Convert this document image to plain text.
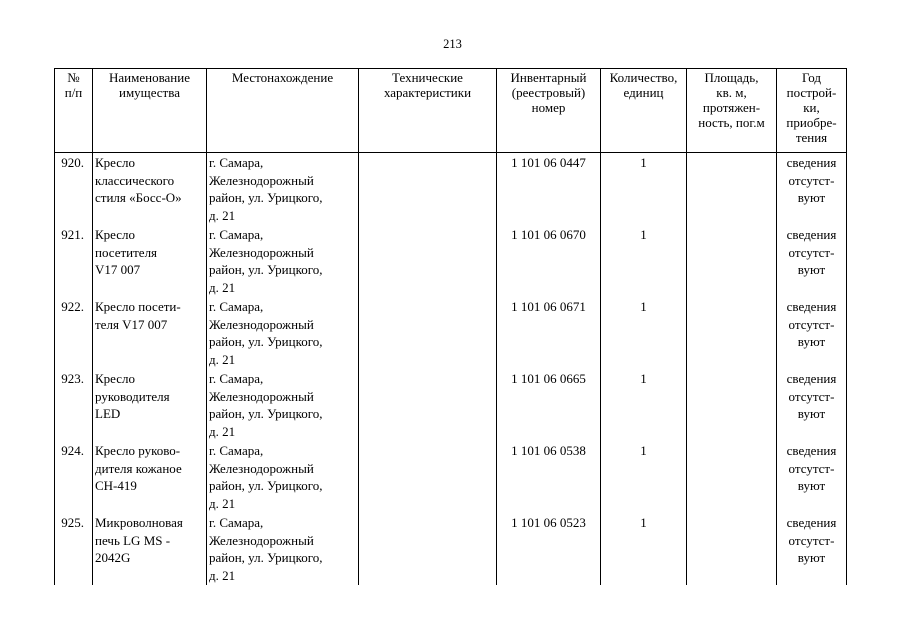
213
№
п/п	Наименование
имущества	Местонахождение	Технические
характеристики	Инвентарный
(реестровый)
номер	Количество,
единиц	Площадь,
кв. м,
протяжен-
ность, пог.м	Год
построй-
ки,
приобре-
тения
920.	Кресло
классического
стиля «Босс-О»	г. Самара,
Железнодорожный
район, ул. Урицкого,
д. 21		1 101 06 0447	1		сведения
отсутст-
вуют
921.	Кресло
посетителя
V17 007	г. Самара,
Железнодорожный
район, ул. Урицкого,
д. 21		1 101 06 0670	1		сведения
отсутст-
вуют
922.	Кресло посети-
теля V17 007	г. Самара,
Железнодорожный
район, ул. Урицкого,
д. 21		1 101 06 0671	1		сведения
отсутст-
вуют
923.	Кресло
руководителя
LED	г. Самара,
Железнодорожный
район, ул. Урицкого,
д. 21		1 101 06 0665	1		сведения
отсутст-
вуют
924.	Кресло руково-
дителя кожаное
CH-419	г. Самара,
Железнодорожный
район, ул. Урицкого,
д. 21		1 101 06 0538	1		сведения
отсутст-
вуют
925.	Микроволновая
печь LG MS -
2042G	г. Самара,
Железнодорожный
район, ул. Урицкого,
д. 21		1 101 06 0523	1		сведения
отсутст-
вуют
